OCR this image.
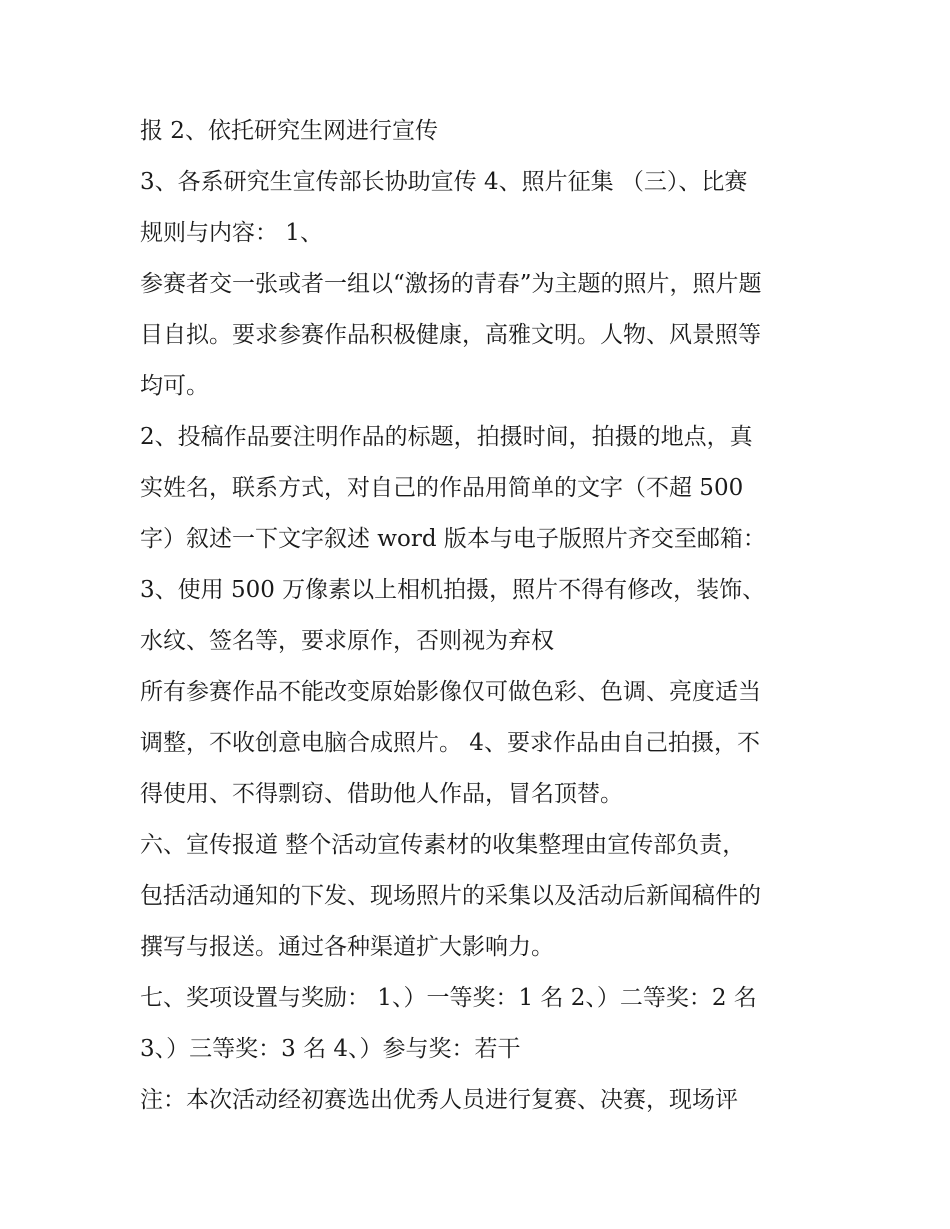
报 2、依托研究生网进行宣传
3、各系研究生宣传部长协助宣传 4、照片征集 （三）、比赛
规则与内容： 1、
参赛者交一张或者一组以“激扬的青春”为主题的照片，照片题
目自拟。要求参赛作品积极健康，高雅文明。人物、风景照等
均可。
2、投稿作品要注明作品的标题，拍摄时间，拍摄的地点，真
实姓名，联系方式，对自己的作品用简单的文字（不超 500
字）叙述一下文字叙述 word 版本与电子版照片齐交至邮箱：
3、使用 500 万像素以上相机拍摄，照片不得有修改，装饰、
水纹、签名等，要求原作，否则视为弃权
所有参赛作品不能改变原始影像仅可做色彩、色调、亮度适当
调整，不收创意电脑合成照片。 4、要求作品由自己拍摄，不
得使用、不得剽窃、借助他人作品，冒名顶替。
六、宣传报道 整个活动宣传素材的收集整理由宣传部负责，
包括活动通知的下发、现场照片的采集以及活动后新闻稿件的
撰写与报送。通过各种渠道扩大影响力。
七、奖项设置与奖励： 1、）一等奖：1 名 2、）二等奖：2 名
3、）三等奖：3 名 4、）参与奖：若干
注：本次活动经初赛选出优秀人员进行复赛、决赛，现场评
